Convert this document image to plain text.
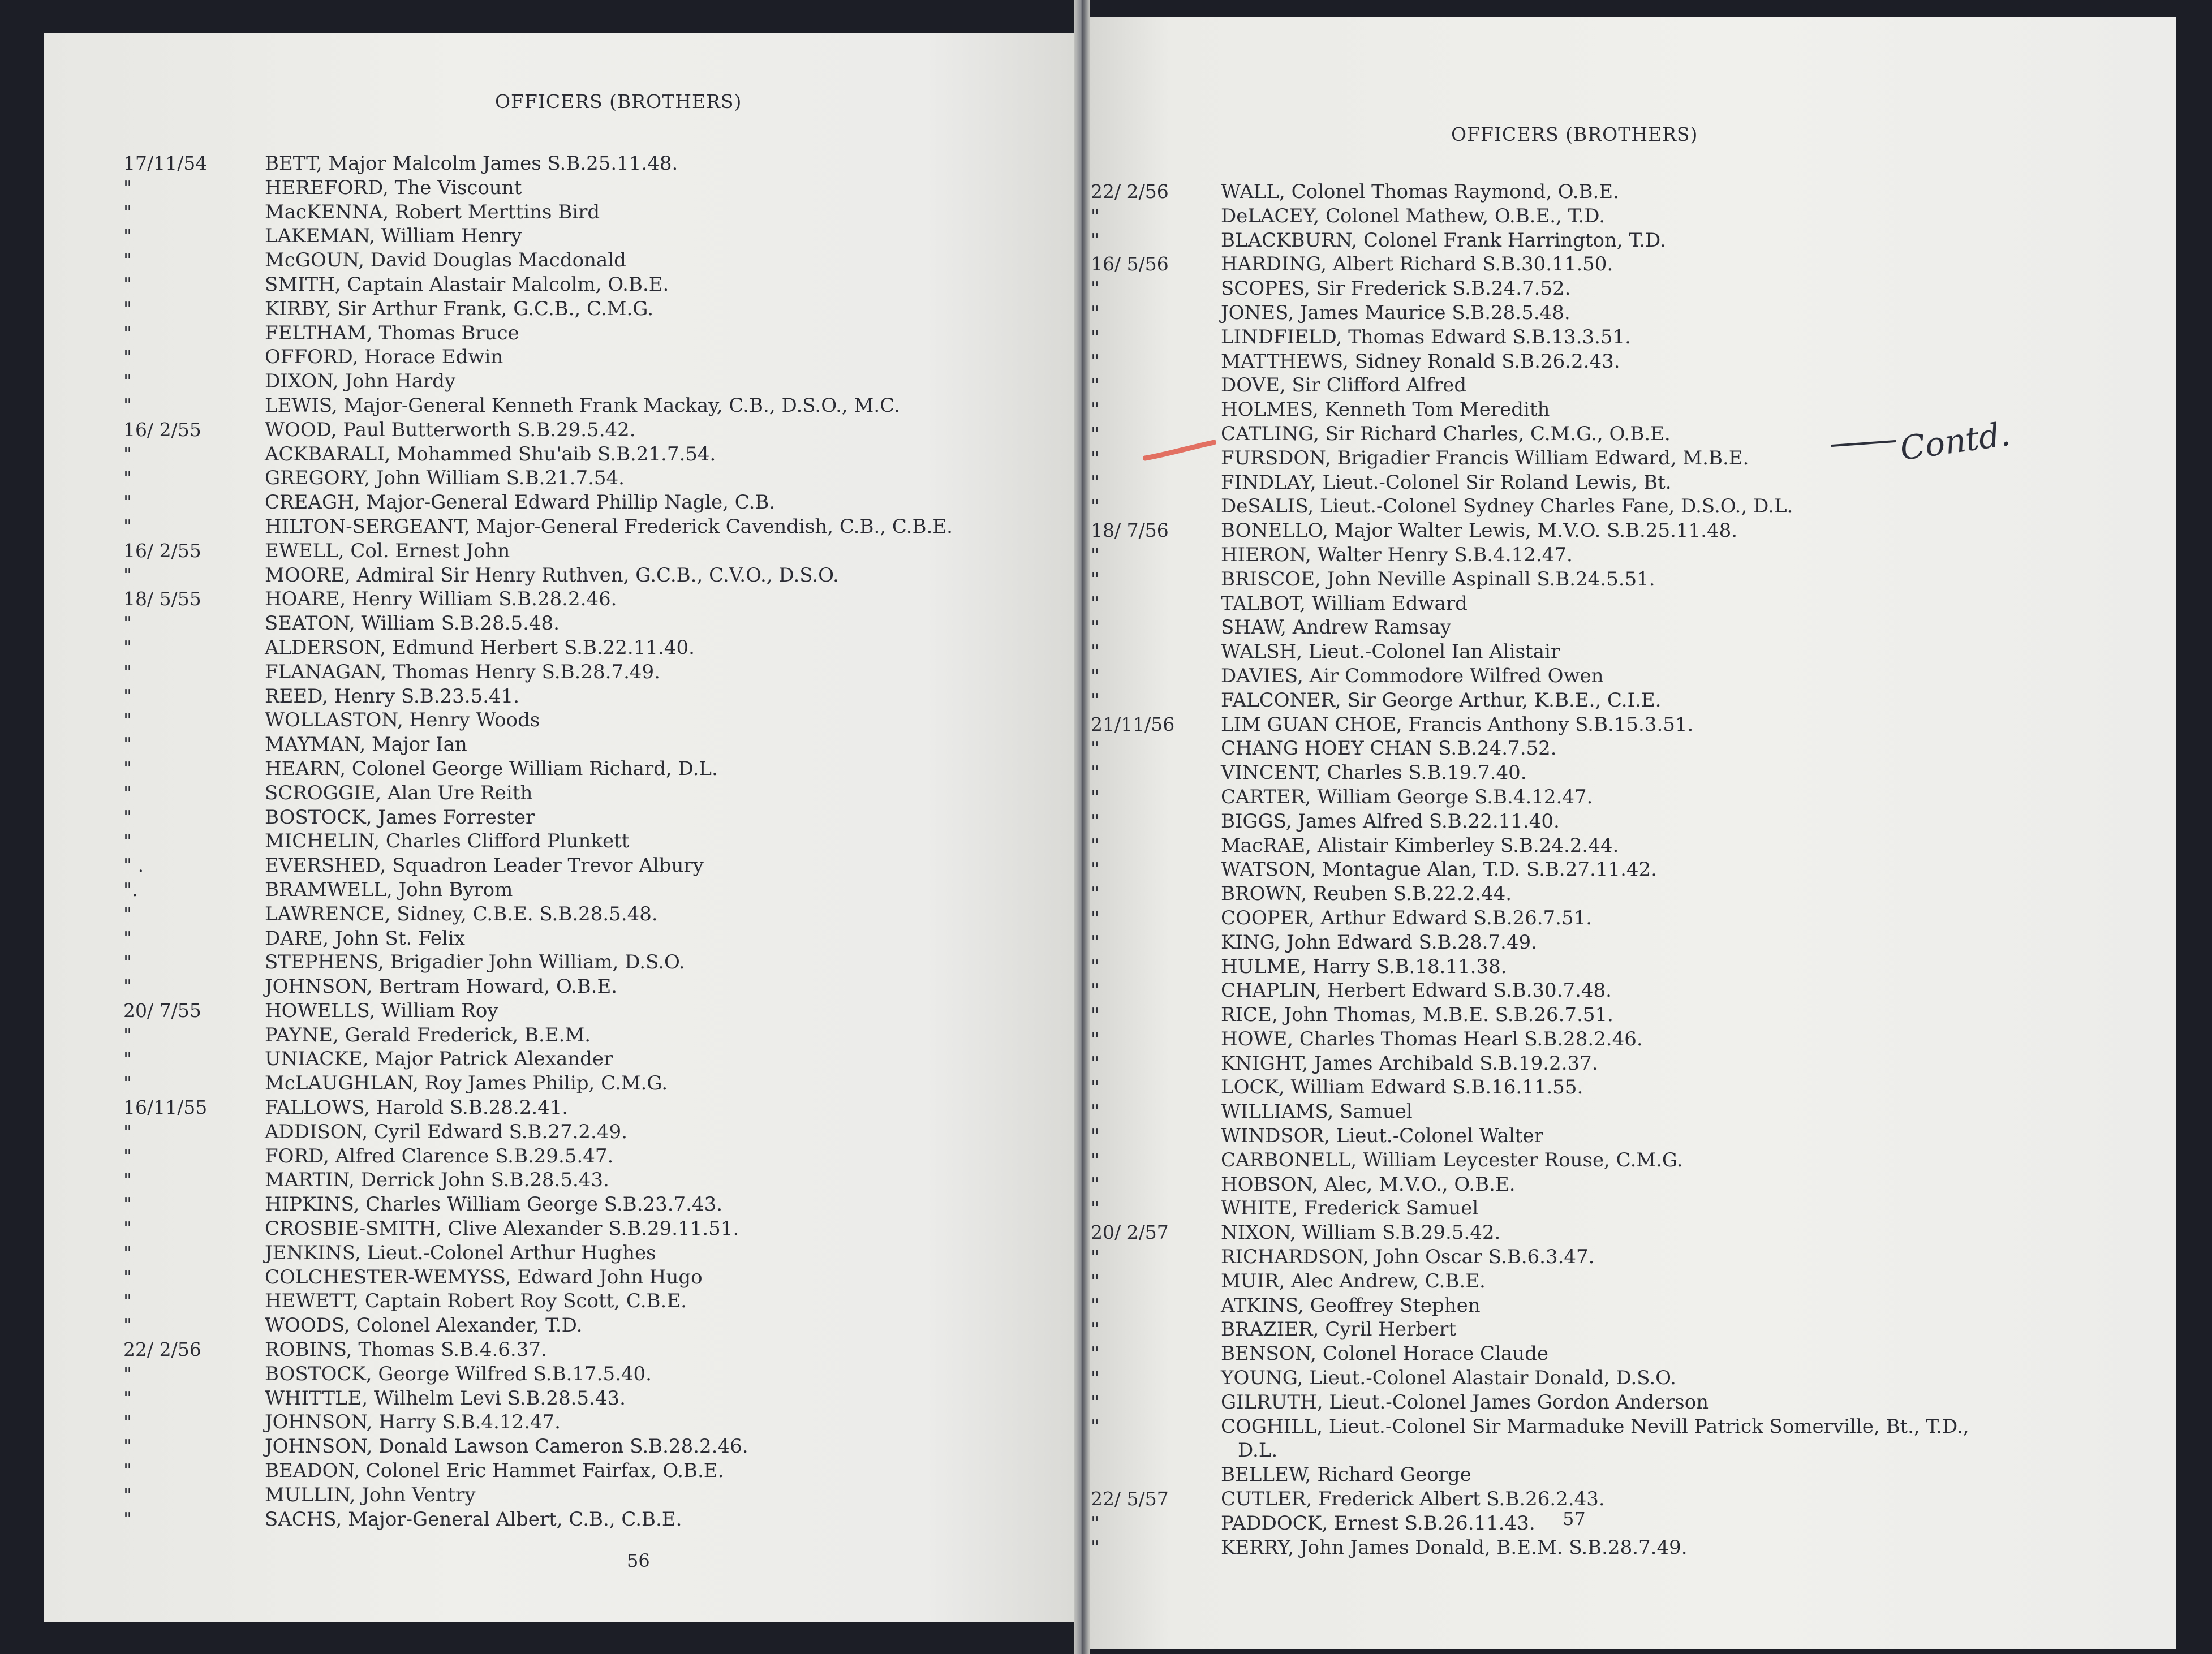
OFFICERS (BROTHERS)
OFFICERS (BROTHERS)
17/11/54	BETT, Major Malcolm James S.B.25.11.48.
"	HEREFORD, The Viscount
"	MacKENNA, Robert Merttins Bird
"	LAKEMAN, William Henry
"	McGOUN, David Douglas Macdonald
"	SMITH, Captain Alastair Malcolm, O.B.E.
"	KIRBY, Sir Arthur Frank, G.C.B., C.M.G.
"	FELTHAM, Thomas Bruce
"	OFFORD, Horace Edwin
"	DIXON, John Hardy
"	LEWIS, Major-General Kenneth Frank Mackay, C.B., D.S.O., M.C.
16/ 2/55	WOOD, Paul Butterworth S.B.29.5.42.
"	ACKBARALI, Mohammed Shu'aib S.B.21.7.54.
"	GREGORY, John William S.B.21.7.54.
"	CREAGH, Major-General Edward Phillip Nagle, C.B.
"	HILTON-SERGEANT, Major-General Frederick Cavendish, C.B., C.B.E.
16/ 2/55	EWELL, Col. Ernest John
"	MOORE, Admiral Sir Henry Ruthven, G.C.B., C.V.O., D.S.O.
18/ 5/55	HOARE, Henry William S.B.28.2.46.
"	SEATON, William S.B.28.5.48.
"	ALDERSON, Edmund Herbert S.B.22.11.40.
"	FLANAGAN, Thomas Henry S.B.28.7.49.
"	REED, Henry S.B.23.5.41.
"	WOLLASTON, Henry Woods
"	MAYMAN, Major Ian
"	HEARN, Colonel George William Richard, D.L.
"	SCROGGIE, Alan Ure Reith
"	BOSTOCK, James Forrester
"	MICHELIN, Charles Clifford Plunkett
" .	EVERSHED, Squadron Leader Trevor Albury
".	BRAMWELL, John Byrom
"	LAWRENCE, Sidney, C.B.E. S.B.28.5.48.
"	DARE, John St. Felix
"	STEPHENS, Brigadier John William, D.S.O.
"	JOHNSON, Bertram Howard, O.B.E.
20/ 7/55	HOWELLS, William Roy
"	PAYNE, Gerald Frederick, B.E.M.
"	UNIACKE, Major Patrick Alexander
"	McLAUGHLAN, Roy James Philip, C.M.G.
16/11/55	FALLOWS, Harold S.B.28.2.41.
"	ADDISON, Cyril Edward S.B.27.2.49.
"	FORD, Alfred Clarence S.B.29.5.47.
"	MARTIN, Derrick John S.B.28.5.43.
"	HIPKINS, Charles William George S.B.23.7.43.
"	CROSBIE-SMITH, Clive Alexander S.B.29.11.51.
"	JENKINS, Lieut.-Colonel Arthur Hughes
"	COLCHESTER-WEMYSS, Edward John Hugo
"	HEWETT, Captain Robert Roy Scott, C.B.E.
"	WOODS, Colonel Alexander, T.D.
22/ 2/56	ROBINS, Thomas S.B.4.6.37.
"	BOSTOCK, George Wilfred S.B.17.5.40.
"	WHITTLE, Wilhelm Levi S.B.28.5.43.
"	JOHNSON, Harry S.B.4.12.47.
"	JOHNSON, Donald Lawson Cameron S.B.28.2.46.
"	BEADON, Colonel Eric Hammet Fairfax, O.B.E.
"	MULLIN, John Ventry
"	SACHS, Major-General Albert, C.B., C.B.E.
22/ 2/56	WALL, Colonel Thomas Raymond, O.B.E.
"	DeLACEY, Colonel Mathew, O.B.E., T.D.
"	BLACKBURN, Colonel Frank Harrington, T.D.
16/ 5/56	HARDING, Albert Richard S.B.30.11.50.
"	SCOPES, Sir Frederick S.B.24.7.52.
"	JONES, James Maurice S.B.28.5.48.
"	LINDFIELD, Thomas Edward S.B.13.3.51.
"	MATTHEWS, Sidney Ronald S.B.26.2.43.
"	DOVE, Sir Clifford Alfred
"	HOLMES, Kenneth Tom Meredith
"	CATLING, Sir Richard Charles, C.M.G., O.B.E.
"	FURSDON, Brigadier Francis William Edward, M.B.E.
"	FINDLAY, Lieut.-Colonel Sir Roland Lewis, Bt.
"	DeSALIS, Lieut.-Colonel Sydney Charles Fane, D.S.O., D.L.
18/ 7/56	BONELLO, Major Walter Lewis, M.V.O. S.B.25.11.48.
"	HIERON, Walter Henry S.B.4.12.47.
"	BRISCOE, John Neville Aspinall S.B.24.5.51.
"	TALBOT, William Edward
"	SHAW, Andrew Ramsay
"	WALSH, Lieut.-Colonel Ian Alistair
"	DAVIES, Air Commodore Wilfred Owen
"	FALCONER, Sir George Arthur, K.B.E., C.I.E.
21/11/56	LIM GUAN CHOE, Francis Anthony S.B.15.3.51.
"	CHANG HOEY CHAN S.B.24.7.52.
"	VINCENT, Charles S.B.19.7.40.
"	CARTER, William George S.B.4.12.47.
"	BIGGS, James Alfred S.B.22.11.40.
"	MacRAE, Alistair Kimberley S.B.24.2.44.
"	WATSON, Montague Alan, T.D. S.B.27.11.42.
"	BROWN, Reuben S.B.22.2.44.
"	COOPER, Arthur Edward S.B.26.7.51.
"	KING, John Edward S.B.28.7.49.
"	HULME, Harry S.B.18.11.38.
"	CHAPLIN, Herbert Edward S.B.30.7.48.
"	RICE, John Thomas, M.B.E. S.B.26.7.51.
"	HOWE, Charles Thomas Hearl S.B.28.2.46.
"	KNIGHT, James Archibald S.B.19.2.37.
"	LOCK, William Edward S.B.16.11.55.
"	WILLIAMS, Samuel
"	WINDSOR, Lieut.-Colonel Walter
"	CARBONELL, William Leycester Rouse, C.M.G.
"	HOBSON, Alec, M.V.O., O.B.E.
"	WHITE, Frederick Samuel
20/ 2/57	NIXON, William S.B.29.5.42.
"	RICHARDSON, John Oscar S.B.6.3.47.
"	MUIR, Alec Andrew, C.B.E.
"	ATKINS, Geoffrey Stephen
"	BRAZIER, Cyril Herbert
"	BENSON, Colonel Horace Claude
"	YOUNG, Lieut.-Colonel Alastair Donald, D.S.O.
"	GILRUTH, Lieut.-Colonel James Gordon Anderson
"	COGHILL, Lieut.-Colonel Sir Marmaduke Nevill Patrick Somerville, Bt., T.D.,
D.L.
BELLEW, Richard George
22/ 5/57	CUTLER, Frederick Albert S.B.26.2.43.
"	PADDOCK, Ernest S.B.26.11.43.
"	KERRY, John James Donald, B.E.M. S.B.28.7.49.
56
57
Contd.
